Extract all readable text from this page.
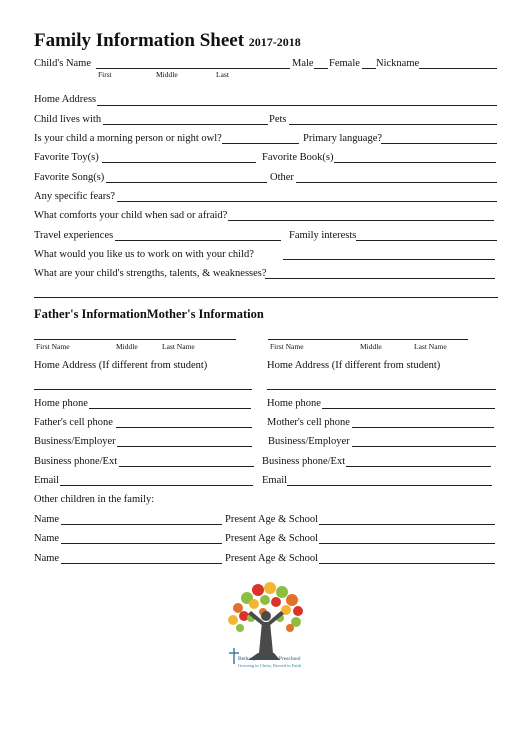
Family Information Sheet 2017-2018
Child's Name	Male Female Nickname
First	Middle	Last
Home Address
Child lives with	Pets
Is your child a morning person or night owl?	Primary language?
Favorite Toy(s)	Favorite Book(s)
Favorite Song(s)	Other
Any specific fears?
What comforts your child when sad or afraid?
Travel experiences	Family interests
What would you like us to work on with your child?
What are your child's strengths, talents, & weaknesses?
Father's InformationMother's Information
First Name	Middle	Last Name	First Name	Middle	Last Name
Home Address (If different from student)	Home Address (If different from student)
Home phone	Home phone
Father's cell phone	Mother's cell phone
Business/Employer	Business/Employer
Business phone/Ext	Business phone/Ext
Email	Email
Other children in the family:
Name	Present Age & School
Name	Present Age & School
Name	Present Age & School
Bethany Lutheran Preschool
Growing in Christ, Rooted in Faith
